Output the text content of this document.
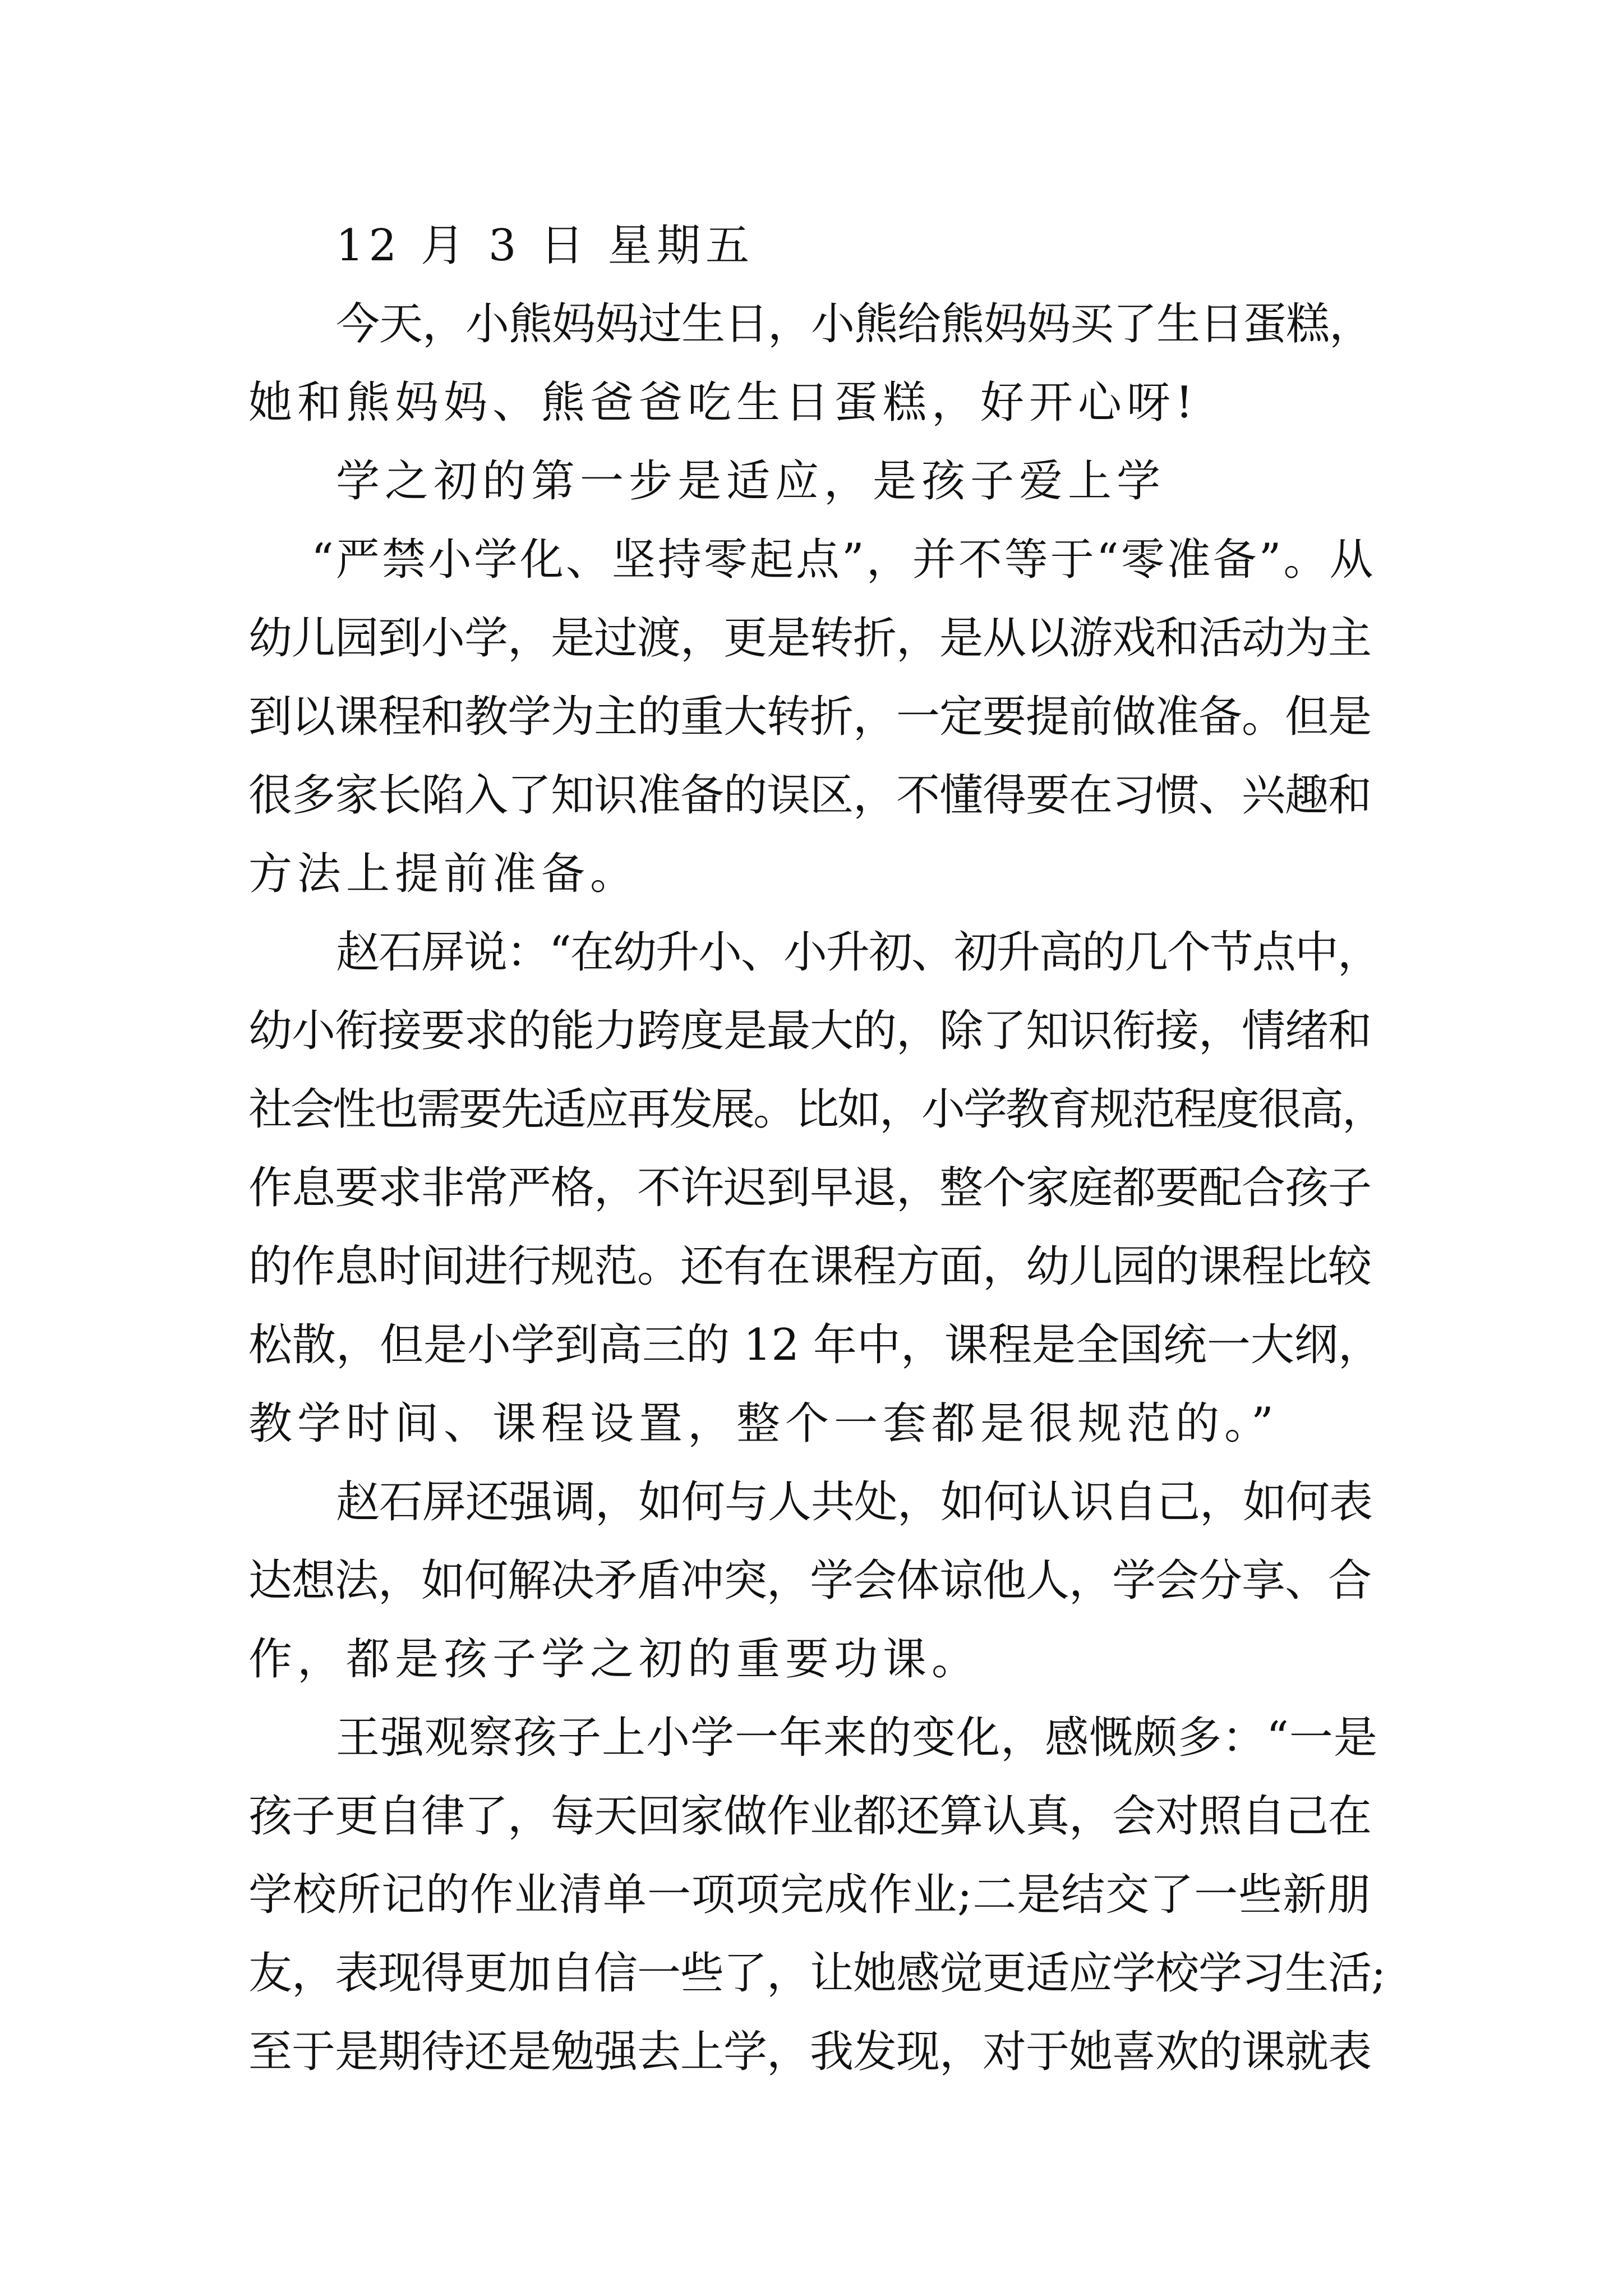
12 月 3 日 星期五

今天，小熊妈妈过生日，小熊给熊妈妈买了生日蛋糕，

她和熊妈妈、熊爸爸吃生日蛋糕，好开心呀!

学之初的第一步是适应，是孩子爱上学

“严禁小学化、坚持零起点”，并不等于“零准备”。从

幼儿园到小学，是过渡，更是转折，是从以游戏和活动为主

到以课程和教学为主的重大转折，一定要提前做准备。但是

很多家长陷入了知识准备的误区，不懂得要在习惯、兴趣和

方法上提前准备。

赵石屏说：“在幼升小、小升初、初升高的几个节点中，

幼小衔接要求的能力跨度是最大的，除了知识衔接，情绪和

社会性也需要先适应再发展。比如，小学教育规范程度很高，

作息要求非常严格，不许迟到早退，整个家庭都要配合孩子

的作息时间进行规范。还有在课程方面，幼儿园的课程比较

松散，但是小学到高三的 12 年中，课程是全国统一大纲，

教学时间、课程设置，整个一套都是很规范的。”

赵石屏还强调，如何与人共处，如何认识自己，如何表

达想法，如何解决矛盾冲突，学会体谅他人，学会分享、合

作，都是孩子学之初的重要功课。

王强观察孩子上小学一年来的变化，感慨颇多：“一是

孩子更自律了，每天回家做作业都还算认真，会对照自己在

学校所记的作业清单一项项完成作业;二是结交了一些新朋

友，表现得更加自信一些了，让她感觉更适应学校学习生活;

至于是期待还是勉强去上学，我发现，对于她喜欢的课就表
